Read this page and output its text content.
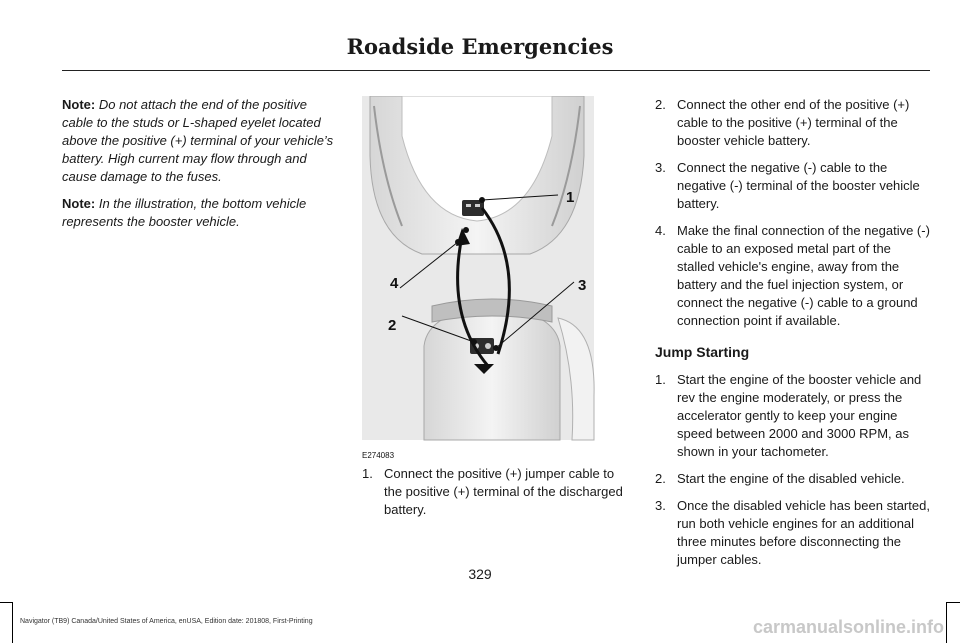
Roadside Emergencies

Note: Do not attach the end of the positive cable to the studs or L-shaped eyelet located above the positive (+) terminal of your vehicle’s battery. High current may flow through and cause damage to the fuses.

Note: In the illustration, the bottom vehicle represents the booster vehicle.

1
2
3
4
E274083
1. Connect the positive (+) jumper cable to the positive (+) terminal of the discharged battery.
2. Connect the other end of the positive (+) cable to the positive (+) terminal of the booster vehicle battery.
3. Connect the negative (-) cable to the negative (-) terminal of the booster vehicle battery.
4. Make the final connection of the negative (-) cable to an exposed metal part of the stalled vehicle's engine, away from the battery and the fuel injection system, or connect the negative (-) cable to a ground connection point if available.
Jump Starting
1. Start the engine of the booster vehicle and rev the engine moderately, or press the accelerator gently to keep your engine speed between 2000 and 3000 RPM, as shown in your tachometer.
2. Start the engine of the disabled vehicle.
3. Once the disabled vehicle has been started, run both vehicle engines for an additional three minutes before disconnecting the jumper cables.
329
Navigator (TB9) Canada/United States of America, enUSA, Edition date: 201808, First-Printing	carmanualsonline.info
